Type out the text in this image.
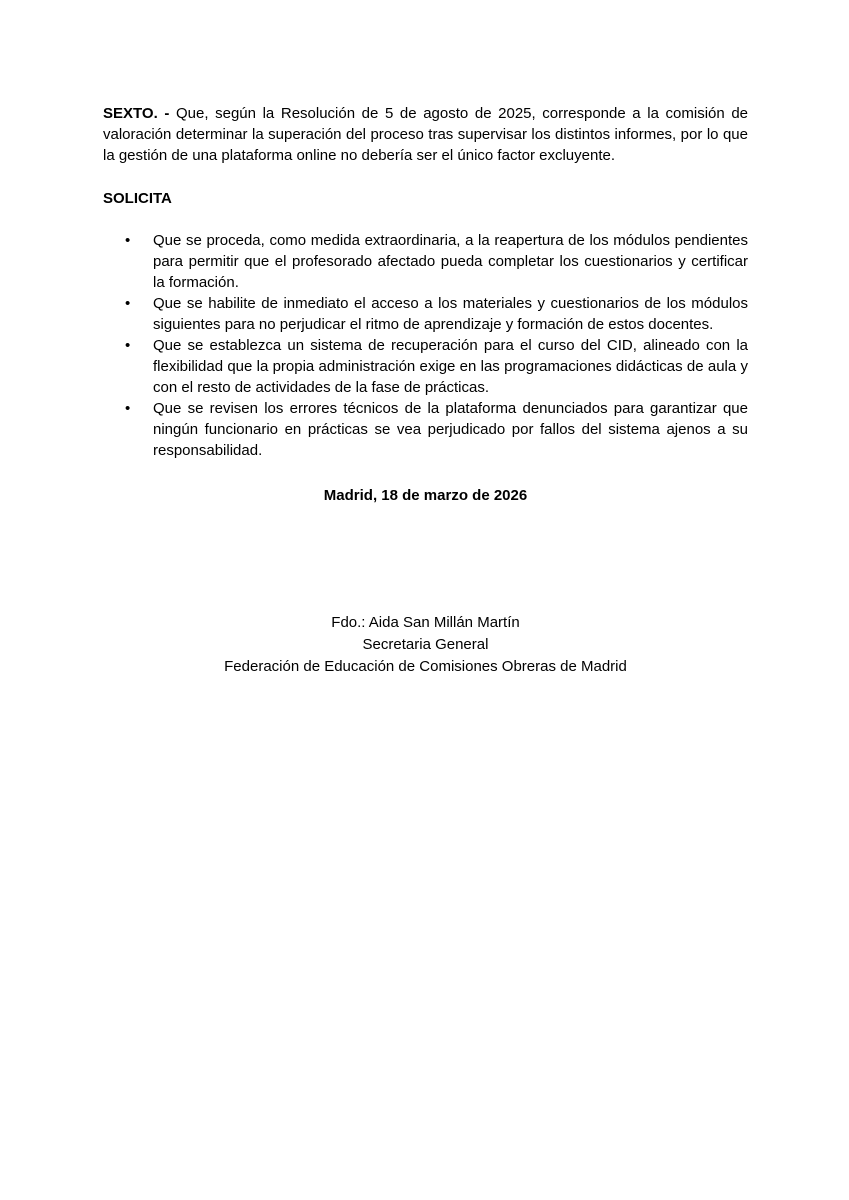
SEXTO. - Que, según la Resolución de 5 de agosto de 2025, corresponde a la comisión de valoración determinar la superación del proceso tras supervisar los distintos informes, por lo que la gestión de una plataforma online no debería ser el único factor excluyente.

SOLICITA

• Que se proceda, como medida extraordinaria, a la reapertura de los módulos pendientes para permitir que el profesorado afectado pueda completar los cuestionarios y certificar la formación.
• Que se habilite de inmediato el acceso a los materiales y cuestionarios de los módulos siguientes para no perjudicar el ritmo de aprendizaje y formación de estos docentes.
• Que se establezca un sistema de recuperación para el curso del CID, alineado con la flexibilidad que la propia administración exige en las programaciones didácticas de aula y con el resto de actividades de la fase de prácticas.
• Que se revisen los errores técnicos de la plataforma denunciados para garantizar que ningún funcionario en prácticas se vea perjudicado por fallos del sistema ajenos a su responsabilidad.

Madrid, 18 de marzo de 2026

Fdo.: Aida San Millán Martín
Secretaria General
Federación de Educación de Comisiones Obreras de Madrid
